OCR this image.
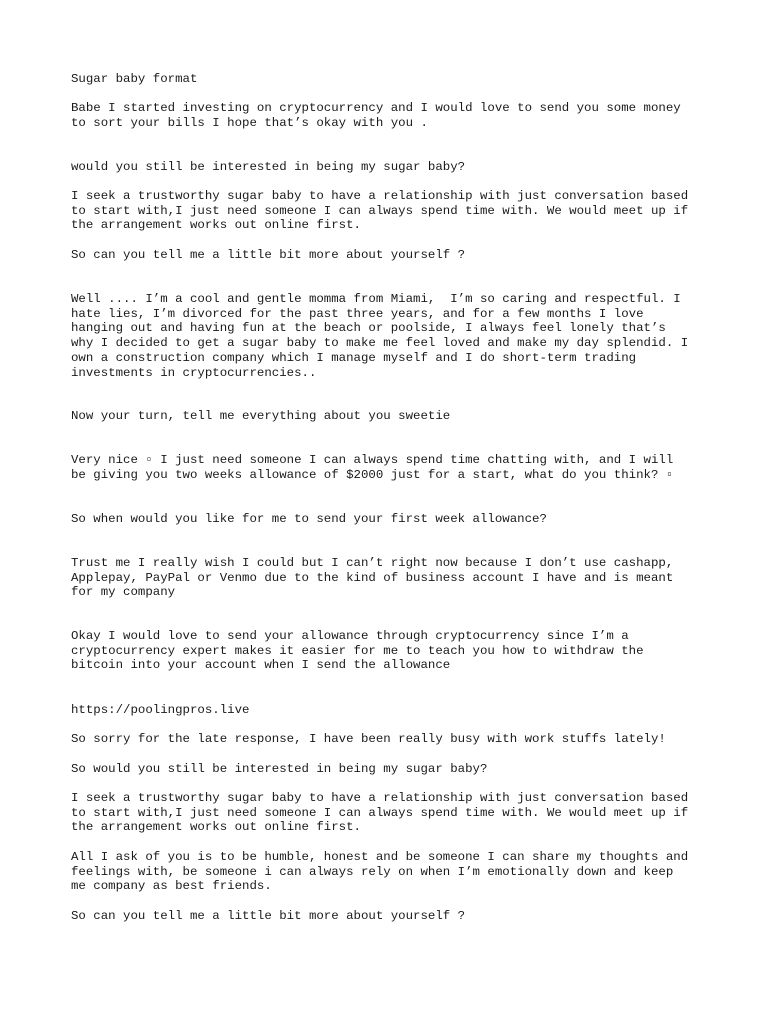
Sugar baby format

Babe I started investing on cryptocurrency and I would love to send you some money
to sort your bills I hope that’s okay with you .

would you still be interested in being my sugar baby?

I seek a trustworthy sugar baby to have a relationship with just conversation based
to start with,I just need someone I can always spend time with. We would meet up if
the arrangement works out online first.

So can you tell me a little bit more about yourself ?

Well .... I’m a cool and gentle momma from Miami,  I’m so caring and respectful. I
hate lies, I’m divorced for the past three years, and for a few months I love
hanging out and having fun at the beach or poolside, I always feel lonely that’s
why I decided to get a sugar baby to make me feel loved and make my day splendid. I
own a construction company which I manage myself and I do short-term trading
investments in cryptocurrencies..

Now your turn, tell me everything about you sweetie

Very nice ▫ I just need someone I can always spend time chatting with, and I will
be giving you two weeks allowance of $2000 just for a start, what do you think? ▫

So when would you like for me to send your first week allowance?

Trust me I really wish I could but I can’t right now because I don’t use cashapp,
Applepay, PayPal or Venmo due to the kind of business account I have and is meant
for my company

Okay I would love to send your allowance through cryptocurrency since I’m a
cryptocurrency expert makes it easier for me to teach you how to withdraw the
bitcoin into your account when I send the allowance

https://poolingpros.live

So sorry for the late response, I have been really busy with work stuffs lately!

So would you still be interested in being my sugar baby?

I seek a trustworthy sugar baby to have a relationship with just conversation based
to start with,I just need someone I can always spend time with. We would meet up if
the arrangement works out online first.

All I ask of you is to be humble, honest and be someone I can share my thoughts and
feelings with, be someone i can always rely on when I’m emotionally down and keep
me company as best friends.

So can you tell me a little bit more about yourself ?
